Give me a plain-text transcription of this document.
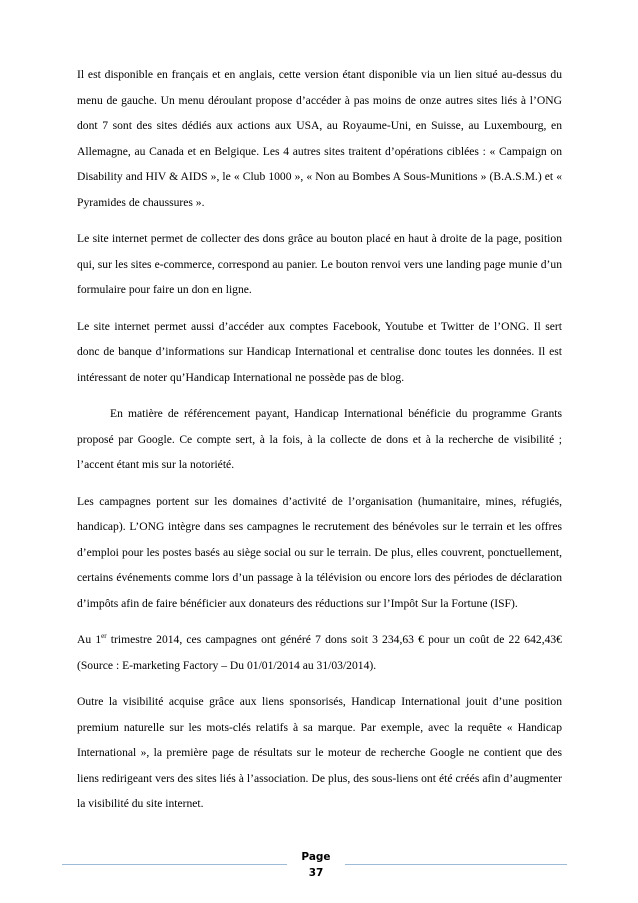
Il est disponible en français et en anglais, cette version étant disponible via un lien situé au-dessus du menu de gauche. Un menu déroulant propose d’accéder à pas moins de onze autres sites liés à l’ONG dont 7 sont des sites dédiés aux actions aux USA, au Royaume-Uni, en Suisse, au Luxembourg, en Allemagne, au Canada et en Belgique. Les 4 autres sites traitent d’opérations ciblées : « Campaign on Disability and HIV & AIDS », le « Club 1000 », « Non au Bombes A Sous-Munitions » (B.A.S.M.) et « Pyramides de chaussures ».

Le site internet permet de collecter des dons grâce au bouton placé en haut à droite de la page, position qui, sur les sites e-commerce, correspond au panier. Le bouton renvoi vers une landing page munie d’un formulaire pour faire un don en ligne.

Le site internet permet aussi d’accéder aux comptes Facebook, Youtube et Twitter de l’ONG. Il sert donc de banque d’informations sur Handicap International et centralise donc toutes les données. Il est intéressant de noter qu’Handicap International ne possède pas de blog.

En matière de référencement payant, Handicap International bénéficie du programme Grants proposé par Google. Ce compte sert, à la fois, à la collecte de dons et à la recherche de visibilité ; l’accent étant mis sur la notoriété.

Les campagnes portent sur les domaines d’activité de l’organisation (humanitaire, mines, réfugiés, handicap). L’ONG intègre dans ses campagnes le recrutement des bénévoles sur le terrain et les offres d’emploi pour les postes basés au siège social ou sur le terrain. De plus, elles couvrent, ponctuellement, certains événements comme lors d’un passage à la télévision ou encore lors des périodes de déclaration d’impôts afin de faire bénéficier aux donateurs des réductions sur l’Impôt Sur la Fortune (ISF).

Au 1er trimestre 2014, ces campagnes ont généré 7 dons soit 3 234,63 € pour un coût de 22 642,43€ (Source : E-marketing Factory – Du 01/01/2014 au 31/03/2014).

Outre la visibilité acquise grâce aux liens sponsorisés, Handicap International jouit d’une position premium naturelle sur les mots-clés relatifs à sa marque. Par exemple, avec la requête « Handicap International », la première page de résultats sur le moteur de recherche Google ne contient que des liens redirigeant vers des sites liés à l’association. De plus, des sous-liens ont été créés afin d’augmenter la visibilité du site internet.

Page
37
